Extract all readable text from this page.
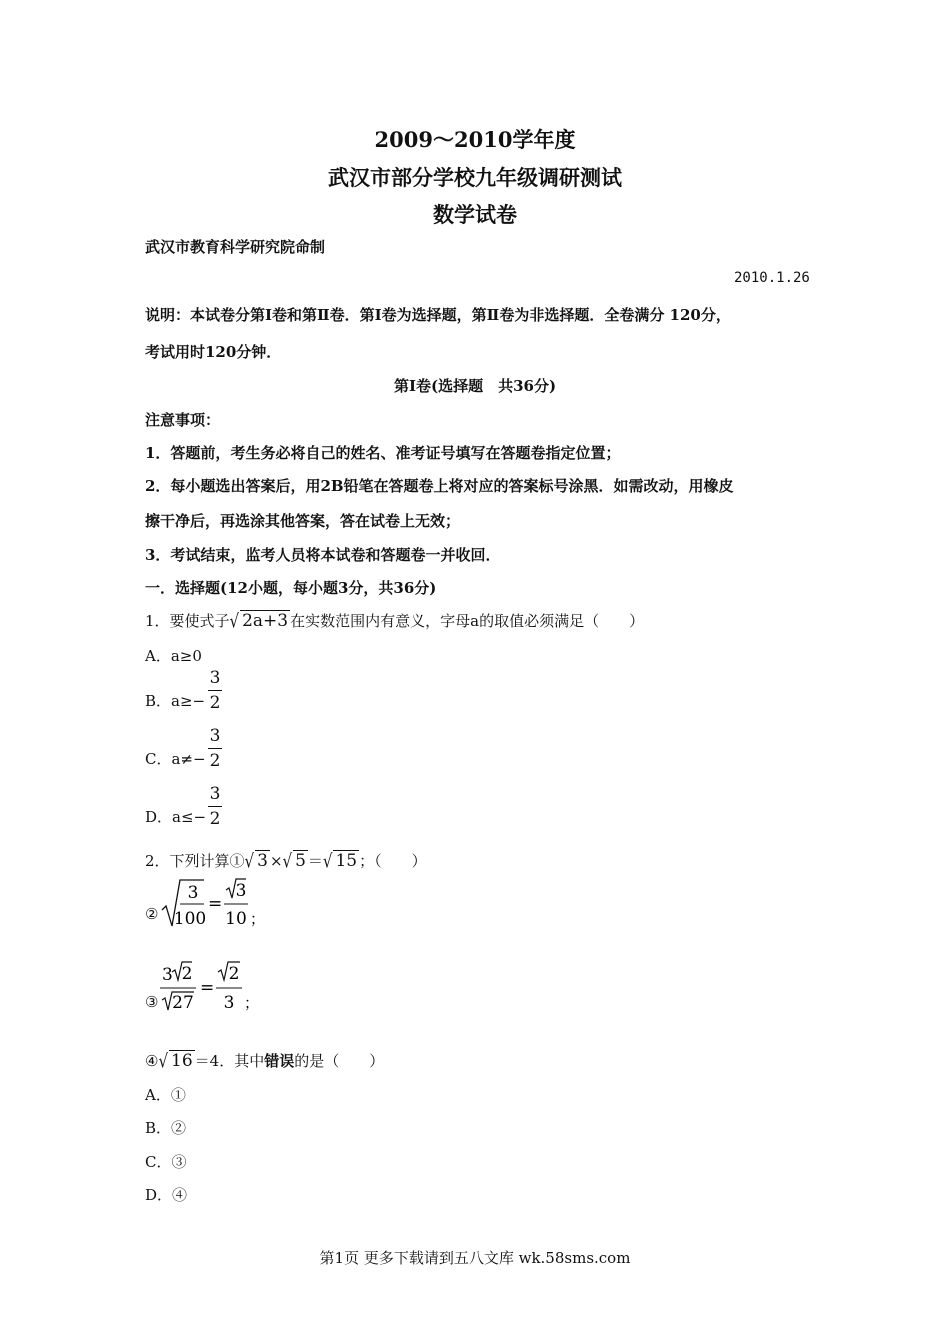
2009～2010学年度
武汉市部分学校九年级调研测试
数学试卷
武汉市教育科学研究院命制
2010.1.26
说明：本试卷分第Ⅰ卷和第Ⅱ卷．第Ⅰ卷为选择题，第Ⅱ卷为非选择题．全卷满分 120分，
考试用时120分钟．
第Ⅰ卷(选择题　共36分)
注意事项：
1．答题前，考生务必将自己的姓名、准考证号填写在答题卷指定位置；
2．每小题选出答案后，用2B铅笔在答题卷上将对应的答案标号涂黑．如需改动，用橡皮
擦干净后，再选涂其他答案，答在试卷上无效；
3．考试结束，监考人员将本试卷和答题卷一并收回．
一．选择题(12小题，每小题3分，共36分)
1．要使式子√ 2a+3 在实数范围内有意义，字母a的取值必须满足（　　）
A．a≥0
B．a≥−
3
2
C．a≠−
3
2
D．a≤−
3
2
2．下列计算①√ 3 ×√ 5 ＝√ 15 ；（　　）
②
3
100
=
3
10 ；
③
3 2
27
=
2
3 ；
④√ 16 ＝4．其中错误的是（　　）
A．①
B．②
C．③
D．④
第1页 更多下载请到五八文库 wk.58sms.com
